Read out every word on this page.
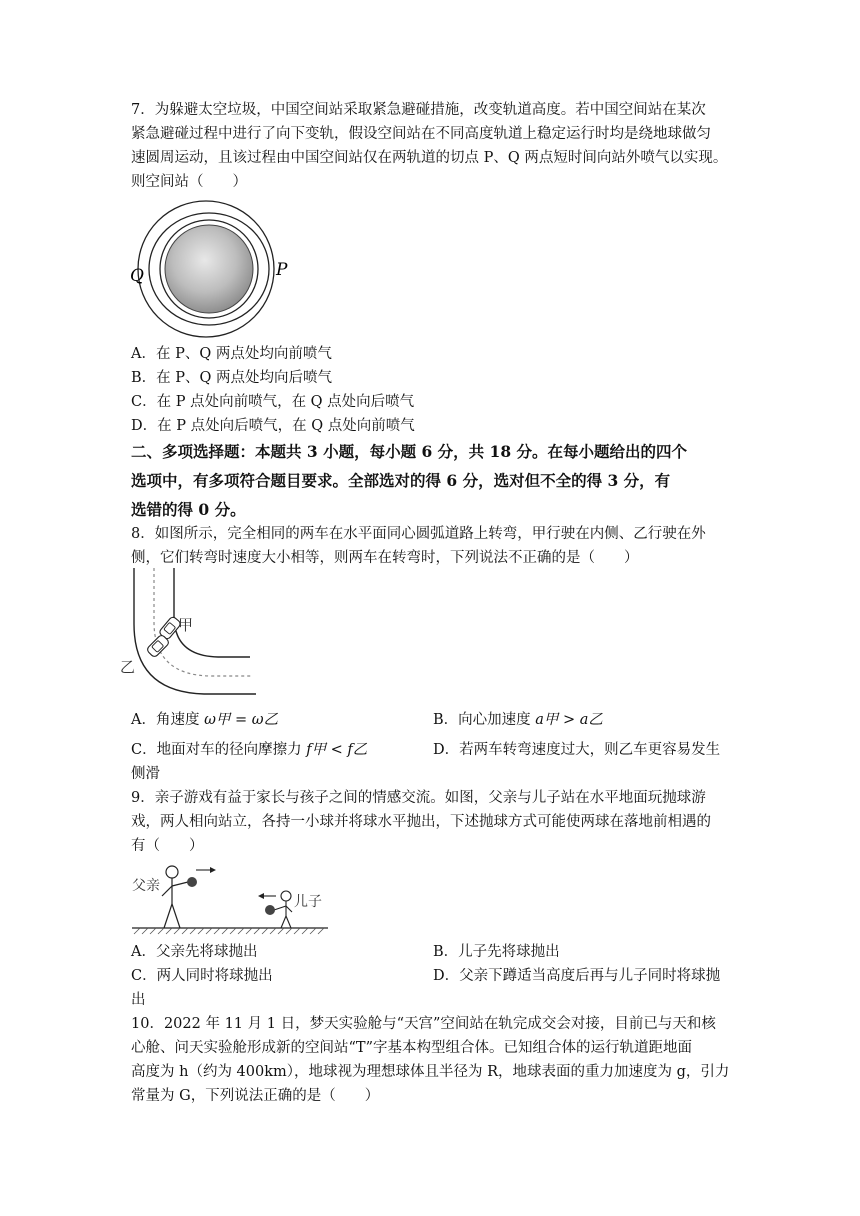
7．为躲避太空垃圾，中国空间站采取紧急避碰措施，改变轨道高度。若中国空间站在某次
紧急避碰过程中进行了向下变轨，假设空间站在不同高度轨道上稳定运行时均是绕地球做匀
速圆周运动，且该过程由中国空间站仅在两轨道的切点 P、Q 两点短时间向站外喷气以实现。
则空间站（　　）
Q	P
A．在 P、Q 两点处均向前喷气
B．在 P、Q 两点处均向后喷气
C．在 P 点处向前喷气，在 Q 点处向后喷气
D．在 P 点处向后喷气，在 Q 点处向前喷气
二、多项选择题：本题共 3 小题，每小题 6 分，共 18 分。在每小题给出的四个
选项中，有多项符合题目要求。全部选对的得 6 分，选对但不全的得 3 分，有
选错的得 0 分。
8．如图所示，完全相同的两车在水平面同心圆弧道路上转弯，甲行驶在内侧、乙行驶在外
侧，它们转弯时速度大小相等，则两车在转弯时，下列说法不正确的是（　　）
甲
乙
A．角速度 ω甲 = ω乙	B．向心加速度 a甲 > a乙
C．地面对车的径向摩擦力 f甲 < f乙	D．若两车转弯速度过大，则乙车更容易发生
侧滑
9．亲子游戏有益于家长与孩子之间的情感交流。如图，父亲与儿子站在水平地面玩抛球游
戏，两人相向站立，各持一小球并将球水平抛出，下述抛球方式可能使两球在落地前相遇的
有（　　）
父亲
儿子
A．父亲先将球抛出	B．儿子先将球抛出
C．两人同时将球抛出	D．父亲下蹲适当高度后再与儿子同时将球抛
出
10．2022 年 11 月 1 日，梦天实验舱与“天宫”空间站在轨完成交会对接，目前已与天和核
心舱、问天实验舱形成新的空间站“T”字基本构型组合体。已知组合体的运行轨道距地面
高度为 h（约为 400km），地球视为理想球体且半径为 R，地球表面的重力加速度为 g，引力
常量为 G，下列说法正确的是（　　）
